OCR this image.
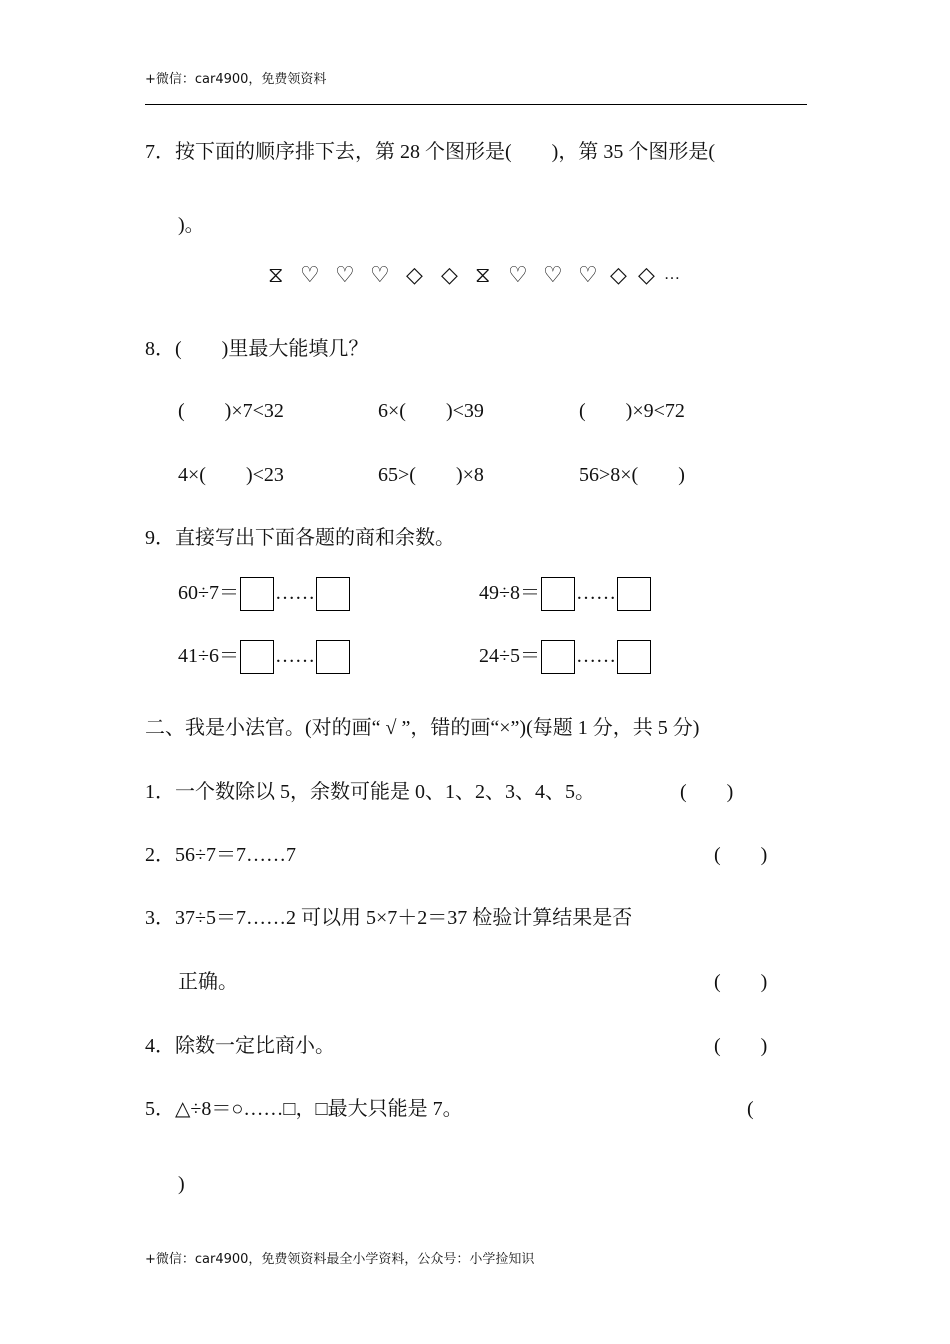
+微信：car4900，免费领资料
7．按下面的顺序排下去，第 28 个图形是(　　)，第 35 个图形是(
)。
⧖ ♡ ♡ ♡ ◇ ◇ ⧖ ♡ ♡ ♡ ◇ ◇ …
8．(　　)里最大能填几？
(　　)×7<32	6×(　　)<39	(　　)×9<72
4×(　　)<23	65>(　　)×8	56>8×(　　)
9．直接写出下面各题的商和余数。
60÷7＝ ……	49÷8＝ ……
41÷6＝ ……	24÷5＝ ……
二、我是小法官。(对的画“ √ ”，错的画“×”)(每题 1 分，共 5 分)
1．一个数除以 5，余数可能是 0、1、2、3、4、5。	(　　)
2．56÷7＝7……7	(　　)
3．37÷5＝7……2 可以用 5×7＋2＝37 检验计算结果是否
正确。	(　　)
4．除数一定比商小。	(　　)
5．△÷8＝○……□，□最大只能是 7。	(
)
+微信：car4900，免费领资料最全小学资料，公众号：小学捡知识
